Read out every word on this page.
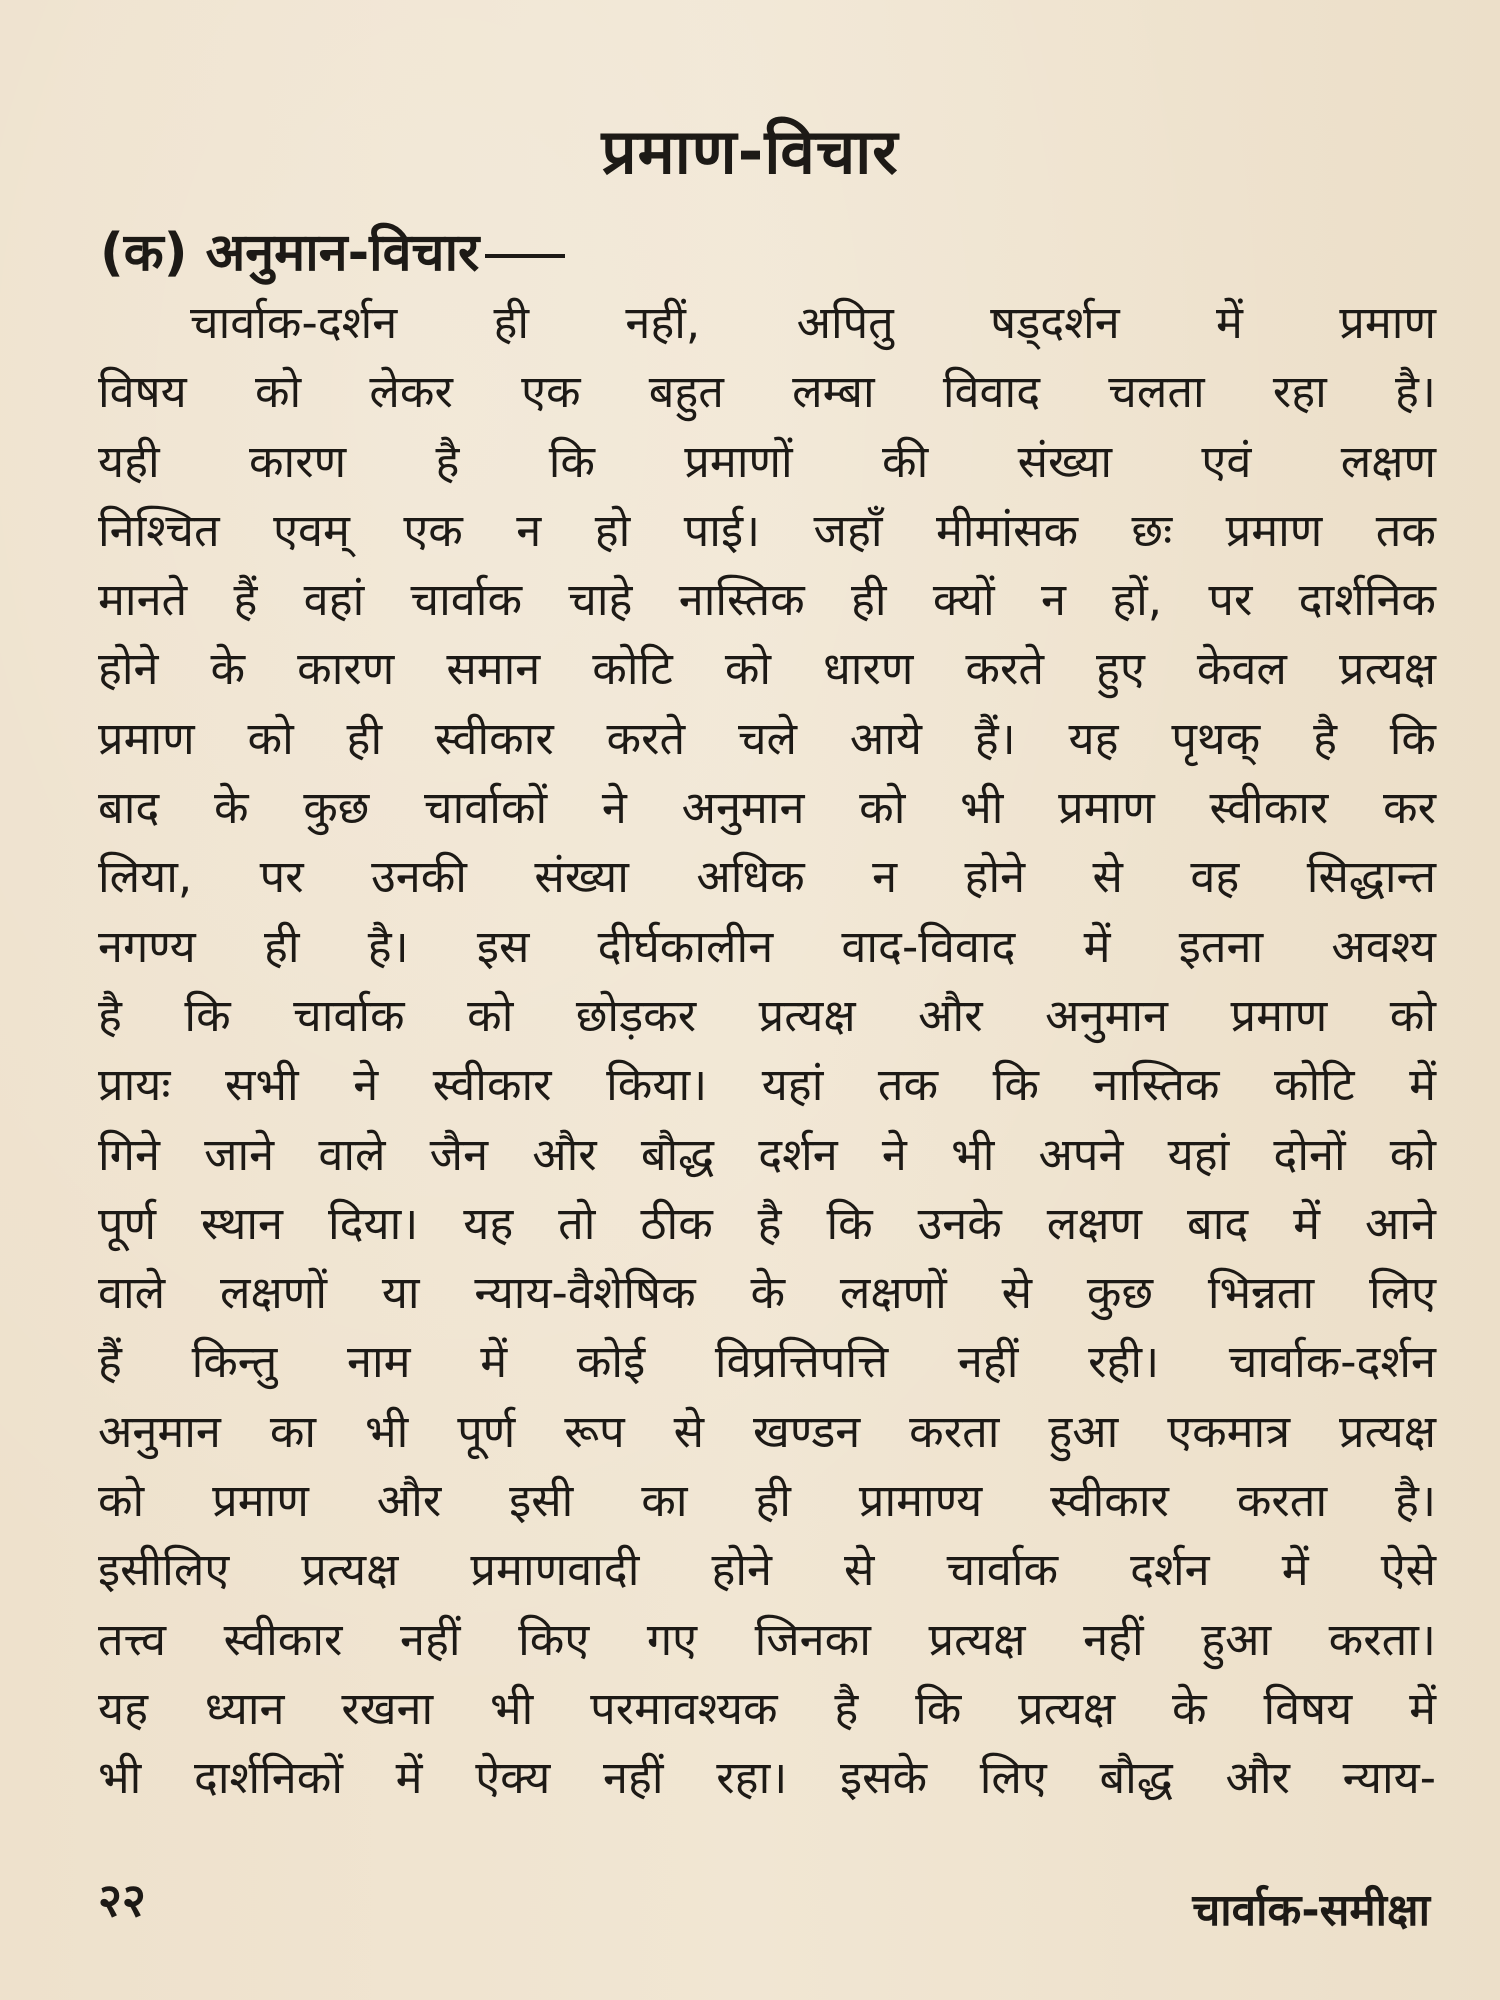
प्रमाण-विचार
(क) अनुमान-विचार
चार्वाक-दर्शन ही नहीं, अपितु षड्दर्शन में प्रमाण
विषय को लेकर एक बहुत लम्बा विवाद चलता रहा है।
यही कारण है कि प्रमाणों की संख्या एवं लक्षण
निश्चित एवम् एक न हो पाई। जहाँ मीमांसक छः प्रमाण तक
मानते हैं वहां चार्वाक चाहे नास्तिक ही क्यों न हों, पर दार्शनिक
होने के कारण समान कोटि को धारण करते हुए केवल प्रत्यक्ष
प्रमाण को ही स्वीकार करते चले आये हैं। यह पृथक् है कि
बाद के कुछ चार्वाकों ने अनुमान को भी प्रमाण स्वीकार कर
लिया, पर उनकी संख्या अधिक न होने से वह सिद्धान्त
नगण्य ही है। इस दीर्घकालीन वाद-विवाद में इतना अवश्य
है कि चार्वाक को छोड़कर प्रत्यक्ष और अनुमान प्रमाण को
प्रायः सभी ने स्वीकार किया। यहां तक कि नास्तिक कोटि में
गिने जाने वाले जैन और बौद्ध दर्शन ने भी अपने यहां दोनों को
पूर्ण स्थान दिया। यह तो ठीक है कि उनके लक्षण बाद में आने
वाले लक्षणों या न्याय-वैशेषिक के लक्षणों से कुछ भिन्नता लिए
हैं किन्तु नाम में कोई विप्रत्तिपत्ति नहीं रही। चार्वाक-दर्शन
अनुमान का भी पूर्ण रूप से खण्डन करता हुआ एकमात्र प्रत्यक्ष
को प्रमाण और इसी का ही प्रामाण्य स्वीकार करता है।
इसीलिए प्रत्यक्ष प्रमाणवादी होने से चार्वाक दर्शन में ऐसे
तत्त्व स्वीकार नहीं किए गए जिनका प्रत्यक्ष नहीं हुआ करता।
यह ध्यान रखना भी परमावश्यक है कि प्रत्यक्ष के विषय में
भी दार्शनिकों में ऐक्य नहीं रहा। इसके लिए बौद्ध और न्याय-
२२	चार्वाक-समीक्षा
